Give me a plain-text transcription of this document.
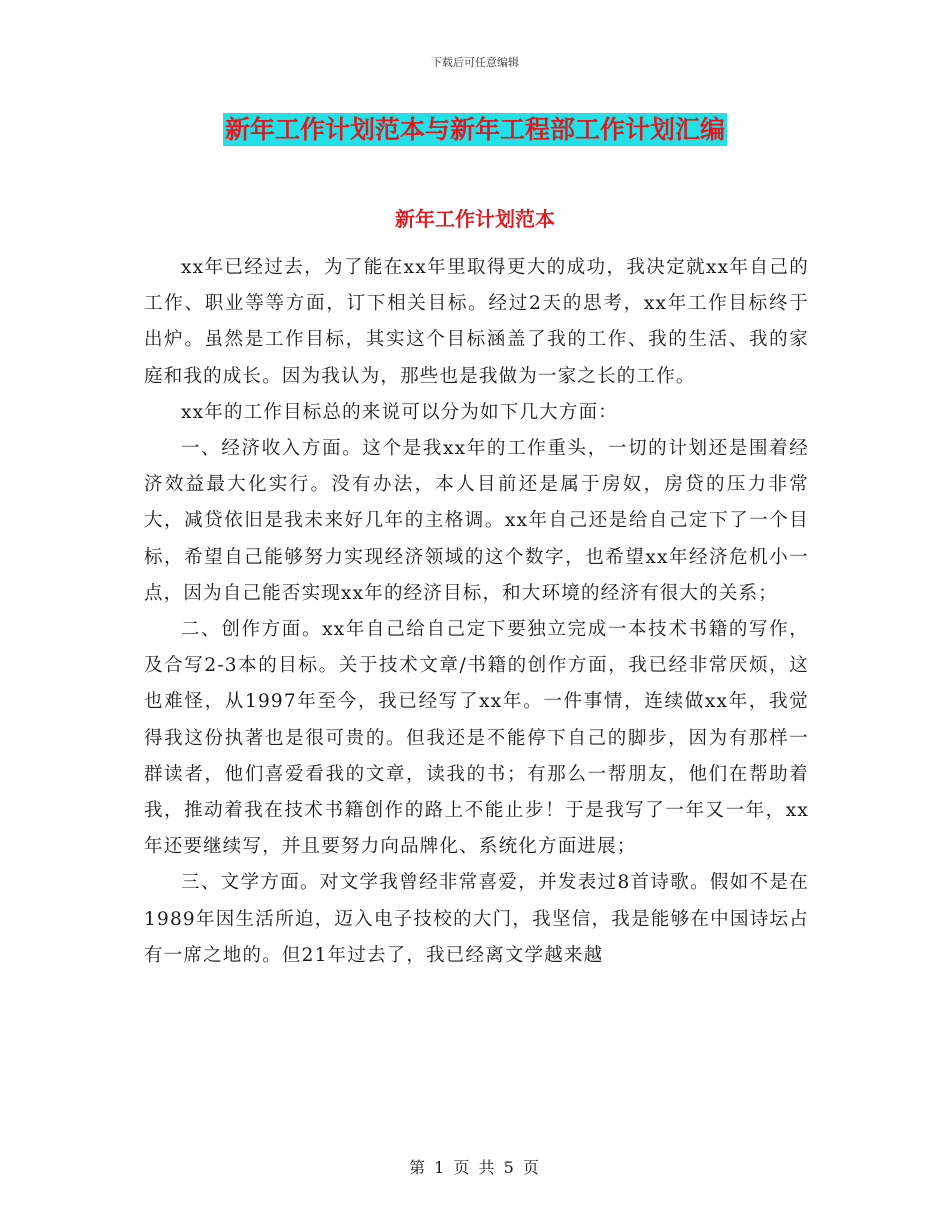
下载后可任意编辑
新年工作计划范本与新年工程部工作计划汇编
新年工作计划范本

xx年已经过去，为了能在xx年里取得更大的成功，我决定就xx年自己的工作、职业等等方面，订下相关目标。经过2天的思考，xx年工作目标终于出炉。虽然是工作目标，其实这个目标涵盖了我的工作、我的生活、我的家庭和我的成长。因为我认为，那些也是我做为一家之长的工作。

xx年的工作目标总的来说可以分为如下几大方面：

一、经济收入方面。这个是我xx年的工作重头，一切的计划还是围着经济效益最大化实行。没有办法，本人目前还是属于房奴，房贷的压力非常大，减贷依旧是我未来好几年的主格调。xx年自己还是给自己定下了一个目标，希望自己能够努力实现经济领域的这个数字，也希望xx年经济危机小一点，因为自己能否实现xx年的经济目标，和大环境的经济有很大的关系；

二、创作方面。xx年自己给自己定下要独立完成一本技术书籍的写作，及合写2-3本的目标。关于技术文章/书籍的创作方面，我已经非常厌烦，这也难怪，从1997年至今，我已经写了xx年。一件事情，连续做xx年，我觉得我这份执著也是很可贵的。但我还是不能停下自己的脚步，因为有那样一群读者，他们喜爱看我的文章，读我的书；有那么一帮朋友，他们在帮助着我，推动着我在技术书籍创作的路上不能止步！于是我写了一年又一年，xx年还要继续写，并且要努力向品牌化、系统化方面进展；

三、文学方面。对文学我曾经非常喜爱，并发表过8首诗歌。假如不是在1989年因生活所迫，迈入电子技校的大门，我坚信，我是能够在中国诗坛占有一席之地的。但21年过去了，我已经离文学越来越

第 1 页 共 5 页
